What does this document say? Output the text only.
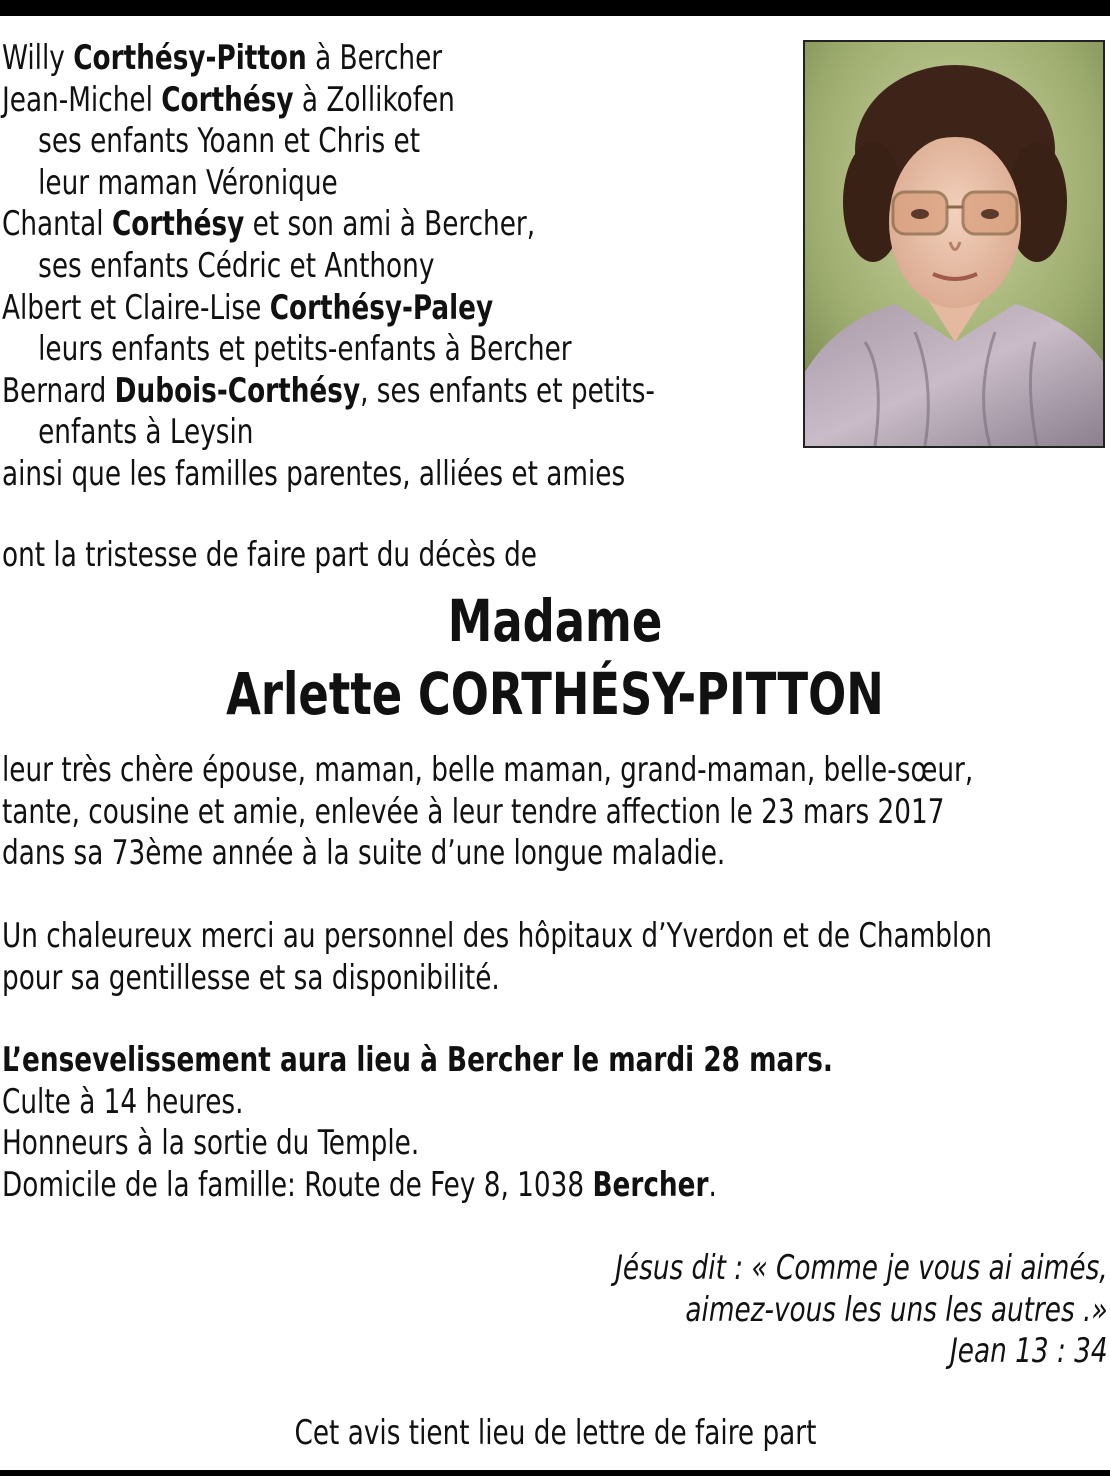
Willy Corthésy-Pitton à Bercher
Jean-Michel Corthésy à Zollikofen
ses enfants Yoann et Chris et
leur maman Véronique
Chantal Corthésy et son ami à Bercher,
ses enfants Cédric et Anthony
Albert et Claire-Lise Corthésy-Paley
leurs enfants et petits-enfants à Bercher
Bernard Dubois-Corthésy, ses enfants et petits-
enfants à Leysin
ainsi que les familles parentes, alliées et amies
ont la tristesse de faire part du décès de
Madame
Arlette CORTHÉSY-PITTON
leur très chère épouse, maman, belle maman, grand-maman, belle-sœur,
tante, cousine et amie, enlevée à leur tendre affection le 23 mars 2017
dans sa 73ème année à la suite d’une longue maladie.
Un chaleureux merci au personnel des hôpitaux d’Yverdon et de Chamblon
pour sa gentillesse et sa disponibilité.
L’ensevelissement aura lieu à Bercher le mardi 28 mars.
Culte à 14 heures.
Honneurs à la sortie du Temple.
Domicile de la famille: Route de Fey 8, 1038 Bercher.
Jésus dit : « Comme je vous ai aimés,
aimez-vous les uns les autres .»
Jean 13 : 34
Cet avis tient lieu de lettre de faire part
